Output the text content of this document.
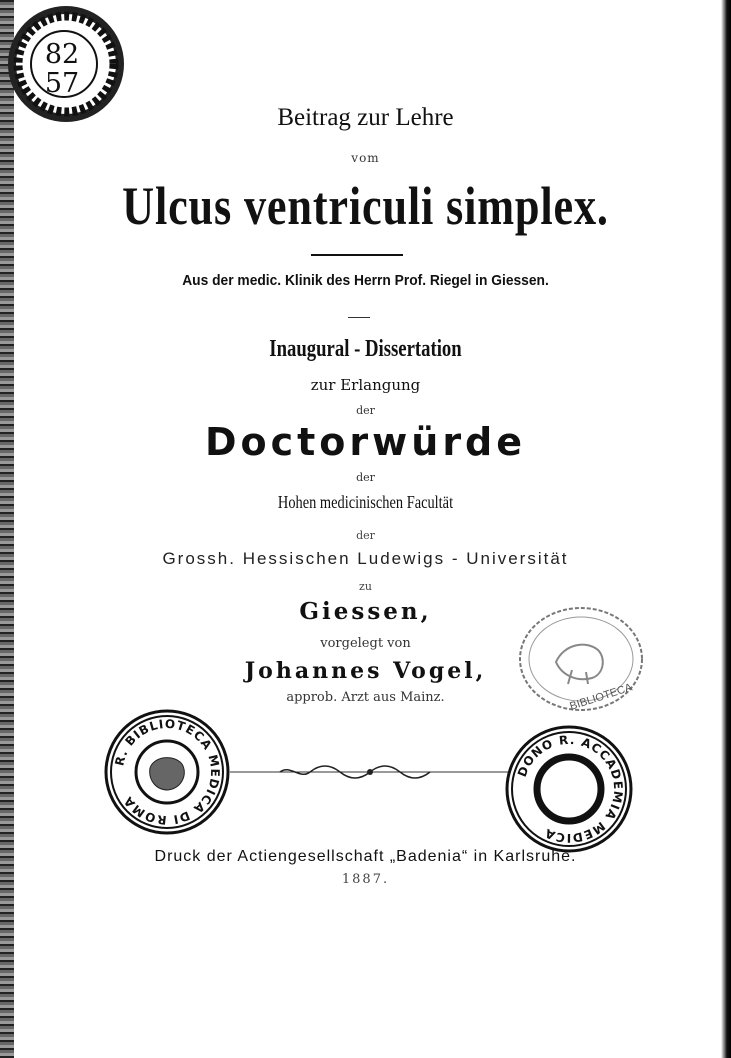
82
57
Beitrag zur Lehre
vom
Ulcus ventriculi simplex.
Aus der medic. Klinik des Herrn Prof. Riegel in Giessen.
Inaugural - Dissertation
zur Erlangung
der
Doctorwürde
der
Hohen medicinischen Facultät
der
Grossh. Hessischen Ludewigs - Universität
zu
Giessen,
vorgelegt von
Johannes Vogel,
approb. Arzt aus Mainz.	BIBLIOTECA
R. BIBLIOTECA MEDICA DI ROMA
DONO R. ACCADEMIA MEDICA
Druck der Actiengesellschaft „Badenia“ in Karlsruhe.
1887.
